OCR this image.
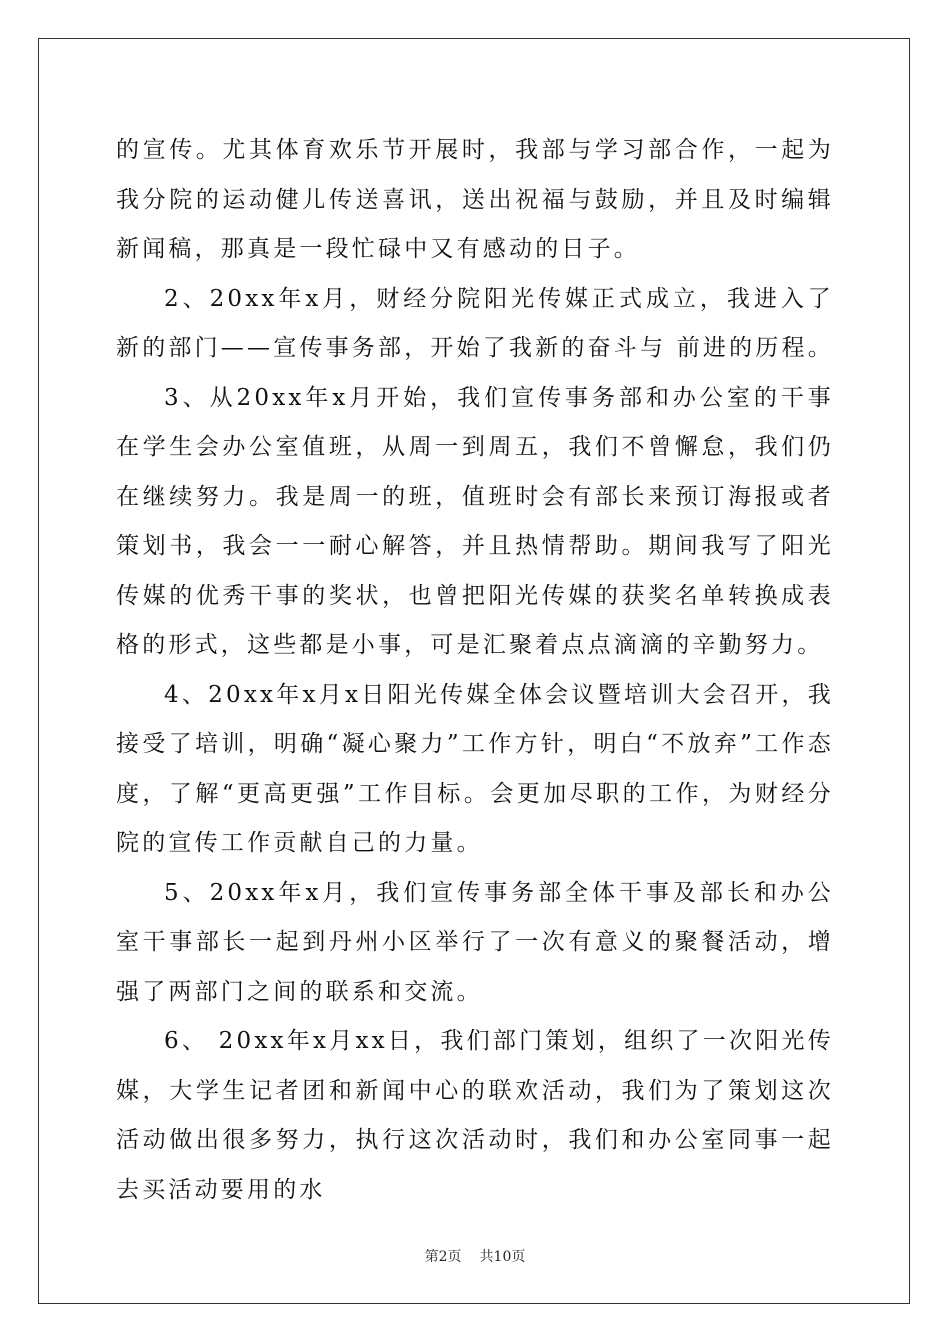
的宣传。尤其体育欢乐节开展时，我部与学习部合作，一起为我分院的运动健儿传送喜讯，送出祝福与鼓励，并且及时编辑新闻稿，那真是一段忙碌中又有感动的日子。

2、20xx年x月，财经分院阳光传媒正式成立，我进入了新的部门——宣传事务部，开始了我新的奋斗与 前进的历程。

3、从20xx年x月开始，我们宣传事务部和办公室的干事在学生会办公室值班，从周一到周五，我们不曾懈怠，我们仍在继续努力。我是周一的班，值班时会有部长来预订海报或者策划书，我会一一耐心解答，并且热情帮助。期间我写了阳光传媒的优秀干事的奖状，也曾把阳光传媒的获奖名单转换成表格的形式，这些都是小事，可是汇聚着点点滴滴的辛勤努力。

4、20xx年x月x日阳光传媒全体会议暨培训大会召开，我接受了培训，明确“凝心聚力”工作方针，明白“不放弃”工作态度，了解“更高更强”工作目标。会更加尽职的工作，为财经分院的宣传工作贡献自己的力量。

5、20xx年x月，我们宣传事务部全体干事及部长和办公室干事部长一起到丹州小区举行了一次有意义的聚餐活动，增强了两部门之间的联系和交流。

6、 20xx年x月xx日，我们部门策划，组织了一次阳光传媒，大学生记者团和新闻中心的联欢活动，我们为了策划这次活动做出很多努力，执行这次活动时，我们和办公室同事一起去买活动要用的水

第2页 共10页
